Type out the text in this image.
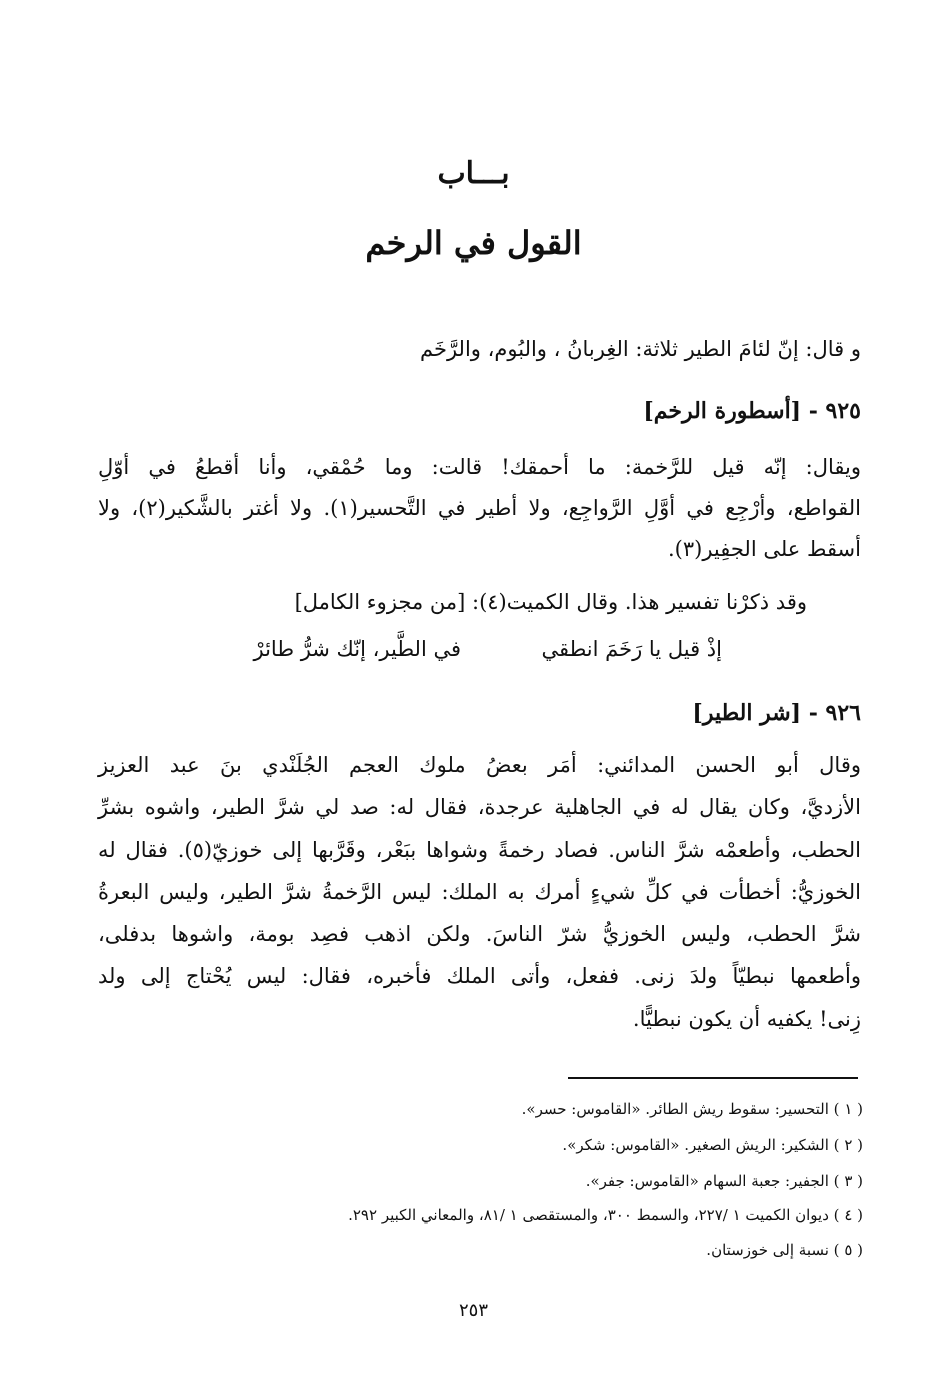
بـــاب
القول في الرخم
و قال: إنّ لئامَ الطير ثلاثة: الغِربانُ ، والبُوم، والرَّخَم
٩٢٥ - [أسطورة الرخم]
ويقال: إنّه قيل للرَّخمة: ما أحمقك! قالت: وما حُمْقي، وأنا أقطعُ في أوّلِ
القواطع، وأرْجِع في أوَّلِ الرَّواجِع، ولا أطير في التَّحسير(١). ولا أغتر بالشَّكير(٢)، ولا
أسقط على الجفِير(٣).
وقد ذكرْنا تفسير هذا. وقال الكميت(٤): [من مجزوء الكامل]
إذْ قيل يا رَخَمَ انطقي
في الطَّير، إنّك شرُّ طائرْ
٩٢٦ - [شر الطير]
وقال أبو الحسن المدائني: أمَر بعضُ ملوك العجم الجُلَنْدي بنَ عبد العزيز
الأزديَّ، وكان يقال له في الجاهلية عرجدة، فقال له: صد لي شرَّ الطير، واشوه بشرِّ
الحطب، وأطعمْه شرَّ الناس. فصاد رخمةً وشواها ببَعْر، وقَرَّبها إلى خوزيّ(٥). فقال له
الخوزيُّ: أخطأت في كلِّ شيءٍ أمرك به الملك: ليس الرَّخمةُ شرَّ الطير، وليس البعرةُ
شرَّ الحطب، وليس الخوزيُّ شرّ الناسَ. ولكن اذهب فصِد بومة، واشوها بدفلى،
وأطعمها نبطيّاً ولدَ زنى. ففعل، وأتى الملك فأخبره، فقال: ليس يُحْتاج إلى ولد
زِنى! يكفيه أن يكون نبطيًّا.
( ١ ) التحسير: سقوط ريش الطائر. «القاموس: حسر».
( ٢ ) الشكير: الريش الصغير. «القاموس: شكر».
( ٣ ) الجفير: جعبة السهام «القاموس: جفر».
( ٤ ) ديوان الكميت ١ /٢٢٧، والسمط ٣٠٠، والمستقصى ١ /٨١، والمعاني الكبير ٢٩٢.
( ٥ ) نسبة إلى خوزستان.
٢٥٣
